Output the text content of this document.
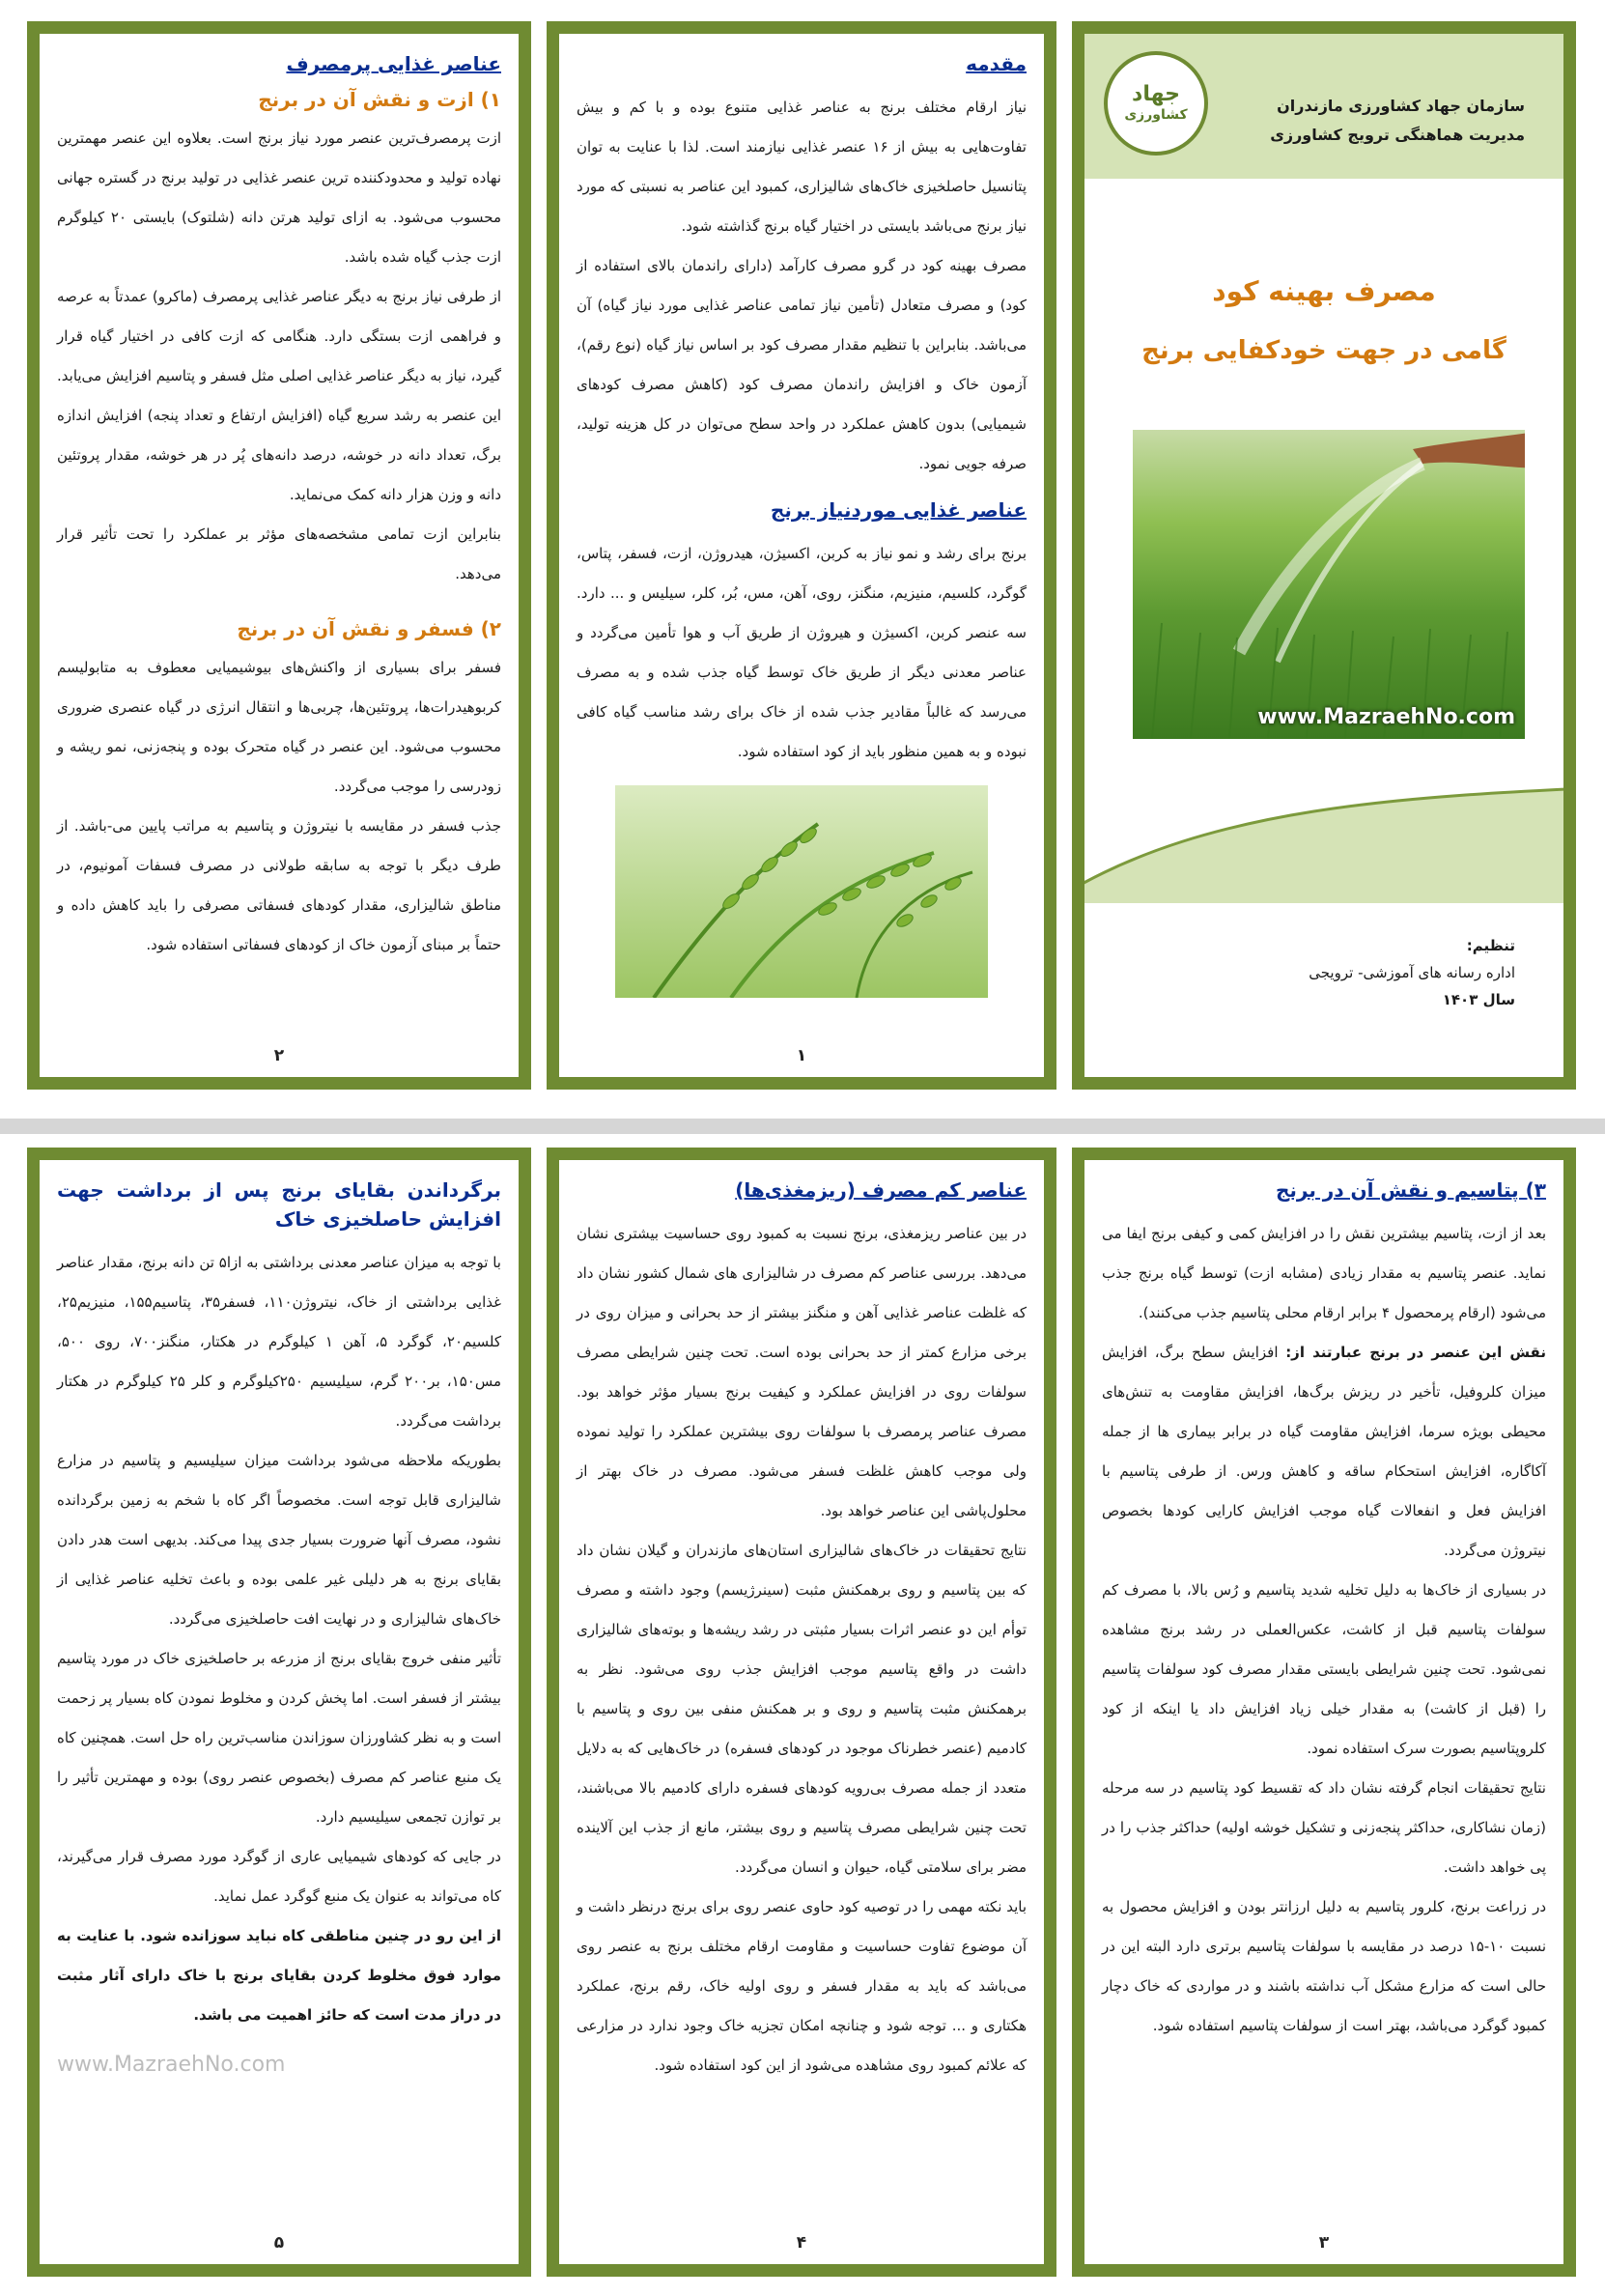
عناصر غذایی پرمصرف
۱) ازت و نقش آن در برنج

ازت پرمصرف‌ترین عنصر مورد نیاز برنج است. بعلاوه این عنصر مهمترین نهاده تولید و محدودکننده ترین عنصر غذایی در تولید برنج در گستره جهانی محسوب می‌شود. به ازای تولید هرتن دانه (شلتوک) بایستی ۲۰ کیلوگرم ازت جذب گیاه شده باشد.

از طرفی نیاز برنج به دیگر عناصر غذایی پرمصرف (ماکرو) عمدتاً به عرصه و فراهمی ازت بستگی دارد. هنگامی که ازت کافی در اختیار گیاه قرار گیرد، نیاز به دیگر عناصر غذایی اصلی مثل فسفر و پتاسیم افزایش می‌یابد. این عنصر به رشد سریع گیاه (افزایش ارتفاع و تعداد پنجه) افزایش اندازه برگ، تعداد دانه در خوشه، درصد دانه‌های پُر در هر خوشه، مقدار پروتئین دانه و وزن هزار دانه کمک می‌نماید.

بنابراین ازت تمامی مشخصه‌های مؤثر بر عملکرد را تحت تأثیر قرار می‌دهد.

۲) فسفر و نقش آن در برنج

فسفر برای بسیاری از واکنش‌های بیوشیمیایی معطوف به متابولیسم کربوهیدرات‌ها، پروتئین‌ها، چربی‌ها و انتقال انرژی در گیاه عنصری ضروری محسوب می‌شود. این عنصر در گیاه متحرک بوده و پنجه‌زنی، نمو ریشه و زودرسی را موجب می‌گردد.

جذب فسفر در مقایسه با نیتروژن و پتاسیم به مراتب پایین می-باشد. از طرف دیگر با توجه به سابقه طولانی در مصرف فسفات آمونیوم، در مناطق شالیزاری، مقدار کودهای فسفاتی مصرفی را باید کاهش داده و حتماً بر مبنای آزمون خاک از کودهای فسفاتی استفاده شود.

۲
مقدمه

نیاز ارقام مختلف برنج به عناصر غذایی متنوع بوده و با کم و بیش تفاوت‌هایی به بیش از ۱۶ عنصر غذایی نیازمند است. لذا با عنایت به توان پتانسیل حاصلخیزی خاک‌های شالیزاری، کمبود این عناصر به نسبتی که مورد نیاز برنج می‌باشد بایستی در اختیار گیاه برنج گذاشته شود.

مصرف بهینه کود در گرو مصرف کارآمد (دارای راندمان بالای استفاده از کود) و مصرف متعادل (تأمین نیاز تمامی عناصر غذایی مورد نیاز گیاه) آن می‌باشد. بنابراین با تنظیم مقدار مصرف کود بر اساس نیاز گیاه (نوع رقم)، آزمون خاک و افزایش راندمان مصرف کود (کاهش مصرف کودهای شیمیایی) بدون کاهش عملکرد در واحد سطح می‌توان در کل هزینه تولید، صرفه جویی نمود.

عناصر غذایی موردنیاز برنج

برنج برای رشد و نمو نیاز به کربن، اکسیژن، هیدروژن، ازت، فسفر، پتاس، گوگرد، کلسیم، منیزیم، منگنز، روی، آهن، مس، بُر، کلر، سیلیس و ... دارد. سه عنصر کربن، اکسیژن و هیروژن از طریق آب و هوا تأمین می‌گردد و عناصر معدنی دیگر از طریق خاک توسط گیاه جذب شده و به مصرف می‌رسد که غالباً مقادیر جذب شده از خاک برای رشد مناسب گیاه کافی نبوده و به همین منظور باید از کود استفاده شود.

۱
جهاد
کشاورزی	سازمان جهاد کشاورزی مازندران
مدیریت هماهنگی ترویج کشاورزی
مصرف بهینه کود
گامی در جهت خودکفایی برنج
www.MazraehNo.com
تنظیم:
اداره رسانه های آموزشی- ترویجی
سال ۱۴۰۳
برگرداندن بقایای برنج پس از برداشت جهت افزایش حاصلخیزی خاک

با توجه به میزان عناصر معدنی برداشتی به ازا۵ تن دانه برنج، مقدار عناصر غذایی برداشتی از خاک، نیتروژن۱۱۰، فسفر۳۵، پتاسیم۱۵۵، منیزیم۲۵، کلسیم۲۰، گوگرد ۵، آهن ۱ کیلوگرم در هکتار، منگنز۷۰۰، روی ۵۰۰، مس۱۵۰، بر۲۰۰ گرم، سیلیسیم ۲۵۰کیلوگرم و کلر ۲۵ کیلوگرم در هکتار برداشت می‌گردد.

بطوریکه ملاحظه می‌شود برداشت میزان سیلیسیم و پتاسیم در مزارع شالیزاری قابل توجه است. مخصوصاً اگر کاه با شخم به زمین برگردانده نشود، مصرف آنها ضرورت بسیار جدی پیدا می‌کند. بدیهی است هدر دادن بقایای برنج به هر دلیلی غیر علمی بوده و باعث تخلیه عناصر غذایی از خاک‌های شالیزاری و در نهایت افت حاصلخیزی می‌گردد.

تأثیر منفی خروج بقایای برنج از مزرعه بر حاصلخیزی خاک در مورد پتاسیم بیشتر از فسفر است. اما پخش کردن و مخلوط نمودن کاه بسیار پر زحمت است و به نظر کشاورزان سوزاندن مناسب‌ترین راه حل است. همچنین کاه یک منبع عناصر کم مصرف (بخصوص عنصر روی) بوده و مهمترین تأثیر را بر توازن تجمعی سیلیسیم دارد.

در جایی که کودهای شیمیایی عاری از گوگرد مورد مصرف قرار می‌گیرند، کاه می‌تواند به عنوان یک منبع گوگرد عمل نماید.

از این رو در چنین مناطقی کاه نباید سوزانده شود. با عنایت به موارد فوق مخلوط کردن بقایای برنج با خاک دارای آثار مثبت در دراز مدت است که حائز اهمیت می باشد.

www.MazraehNo.com
۵
عناصر کم مصرف (ریزمغذی‌ها)

در بین عناصر ریزمغذی، برنج نسبت به کمبود روی حساسیت بیشتری نشان می‌دهد. بررسی عناصر کم مصرف در شالیزاری های شمال کشور نشان داد که غلظت عناصر غذایی آهن و منگنز بیشتر از حد بحرانی و میزان روی در برخی مزارع کمتر از حد بحرانی بوده است. تحت چنین شرایطی مصرف سولفات روی در افزایش عملکرد و کیفیت برنج بسیار مؤثر خواهد بود. مصرف عناصر پرمصرف با سولفات روی بیشترین عملکرد را تولید نموده ولی موجب کاهش غلظت فسفر می‌شود. مصرف در خاک بهتر از محلول‌پاشی این عناصر خواهد بود.

نتایج تحقیقات در خاک‌های شالیزاری استان‌های مازندران و گیلان نشان داد که بین پتاسیم و روی برهمکنش مثبت (سینرژیسم) وجود داشته و مصرف توأم این دو عنصر اثرات بسیار مثبتی در رشد ریشه‌ها و بوته‌های شالیزاری داشت در واقع پتاسیم موجب افزایش جذب روی می‌شود. نظر به برهمکنش مثبت پتاسیم و روی و بر همکنش منفی بین روی و پتاسیم با کادمیم (عنصر خطرناک موجود در کودهای فسفره) در خاک‌هایی که به دلایل متعدد از جمله مصرف بی‌رویه کودهای فسفره دارای کادمیم بالا می‌باشند، تحت چنین شرایطی مصرف پتاسیم و روی بیشتر، مانع از جذب این آلاینده مضر برای سلامتی گیاه، حیوان و انسان می‌گردد.

باید نکته مهمی را در توصیه کود حاوی عنصر روی برای برنج درنظر داشت و آن موضوع تفاوت حساسیت و مقاومت ارقام مختلف برنج به عنصر روی می‌باشد که باید به مقدار فسفر و روی اولیه خاک، رقم برنج، عملکرد هکتاری و ... توجه شود و چنانچه امکان تجزیه خاک وجود ندارد در مزارعی که علائم کمبود روی مشاهده می‌شود از این کود استفاده شود.

۴
۳) پتاسیم و نقش آن در برنج

بعد از ازت، پتاسیم بیشترین نقش را در افزایش کمی و کیفی برنج ایفا می نماید. عنصر پتاسیم به مقدار زیادی (مشابه ازت) توسط گیاه برنج جذب می‌شود (ارقام پرمحصول ۴ برابر ارقام محلی پتاسیم جذب می‌کنند).

نقش این عنصر در برنج عبارتند از: افزایش سطح برگ، افزایش میزان کلروفیل، تأخیر در ریزش برگ‌ها، افزایش مقاومت به تنش‌های محیطی بویژه سرما، افزایش مقاومت گیاه در برابر بیماری ها از جمله آکاگاره، افزایش استحکام ساقه و کاهش ورس. از طرفی پتاسیم با افزایش فعل و انفعالات گیاه موجب افزایش کارایی کودها بخصوص نیتروژن می‌گردد.

در بسیاری از خاک‌ها به دلیل تخلیه شدید پتاسیم و رُس بالا، با مصرف کم سولفات پتاسیم قبل از کاشت، عکس‌العملی در رشد برنج مشاهده نمی‌شود. تحت چنین شرایطی بایستی مقدار مصرف کود سولفات پتاسیم را (قبل از کاشت) به مقدار خیلی زیاد افزایش داد یا اینکه از کود کلروپتاسیم بصورت سرک استفاده نمود.

نتایج تحقیقات انجام گرفته نشان داد که تقسیط کود پتاسیم در سه مرحله (زمان نشاکاری، حداکثر پنجه‌زنی و تشکیل خوشه اولیه) حداکثر جذب را در پی خواهد داشت.

در زراعت برنج، کلرور پتاسیم به دلیل ارزانتر بودن و افزایش محصول به نسبت ۱۰-۱۵ درصد در مقایسه با سولفات پتاسیم برتری دارد البته این در حالی است که مزارع مشکل آب نداشته باشند و در مواردی که خاک دچار کمبود گوگرد می‌باشد، بهتر است از سولفات پتاسیم استفاده شود.

۳
